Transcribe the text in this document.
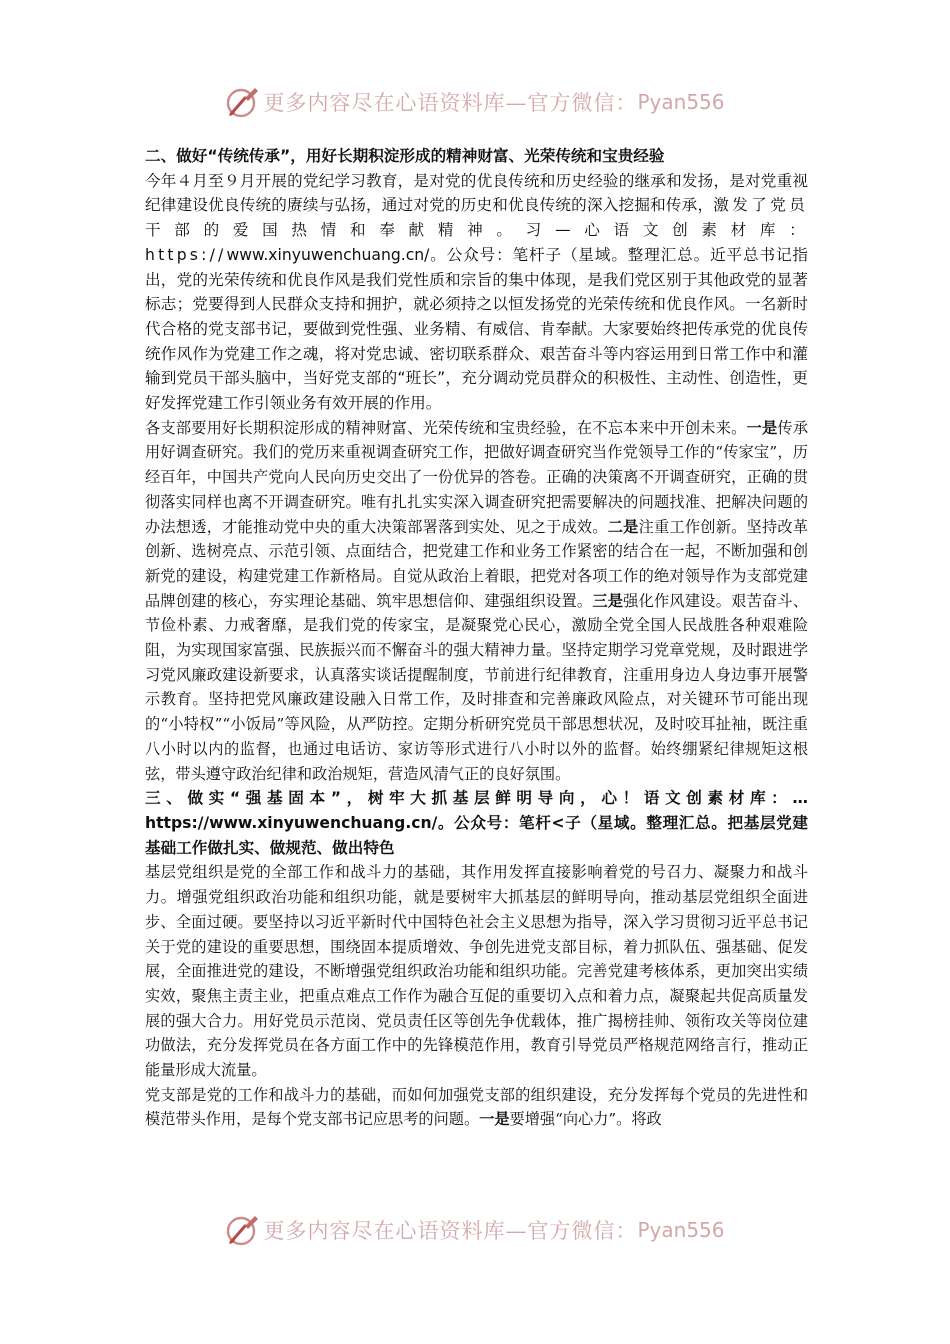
更多内容尽在心语资料库—官方微信： Pyan556

二、做好“传统传承”，用好长期积淀形成的精神财富、光荣传统和宝贵经验

今年４月至９月开展的党纪学习教育，是对党的优良传统和历史经验的继承和发扬，是对党重视纪律建设优良传统的赓续与弘扬，通过对党的历史和优良传统的深入挖掘和传承，激发了党员干部的爱国热情和奉献精神。习—心语文创素材库：https://www.xinyuwenchuang.cn/。公众号：笔杆子（星域。整理汇总。近平总书记指出，党的光荣传统和优良作风是我们党性质和宗旨的集中体现，是我们党区别于其他政党的显著标志；党要得到人民群众支持和拥护，就必须持之以恒发扬党的光荣传统和优良作风。一名新时代合格的党支部书记，要做到党性强、业务精、有威信、肯奉献。大家要始终把传承党的优良传统作风作为党建工作之魂，将对党忠诚、密切联系群众、艰苦奋斗等内容运用到日常工作中和灌输到党员干部头脑中，当好党支部的“班长”，充分调动党员群众的积极性、主动性、创造性，更好发挥党建工作引领业务有效开展的作用。

各支部要用好长期积淀形成的精神财富、光荣传统和宝贵经验，在不忘本来中开创未来。一是传承用好调查研究。我们的党历来重视调查研究工作，把做好调查研究当作党领导工作的“传家宝”，历经百年，中国共产党向人民向历史交出了一份优异的答卷。正确的决策离不开调查研究，正确的贯彻落实同样也离不开调查研究。唯有扎扎实实深入调查研究把需要解决的问题找准、把解决问题的办法想透，才能推动党中央的重大决策部署落到实处、见之于成效。二是注重工作创新。坚持改革创新、选树亮点、示范引领、点面结合，把党建工作和业务工作紧密的结合在一起，不断加强和创新党的建设，构建党建工作新格局。自觉从政治上着眼，把党对各项工作的绝对领导作为支部党建品牌创建的核心，夯实理论基础、筑牢思想信仰、建强组织设置。三是强化作风建设。艰苦奋斗、节俭朴素、力戒奢靡，是我们党的传家宝，是凝聚党心民心，激励全党全国人民战胜各种艰难险阻，为实现国家富强、民族振兴而不懈奋斗的强大精神力量。坚持定期学习党章党规，及时跟进学习党风廉政建设新要求，认真落实谈话提醒制度，节前进行纪律教育，注重用身边人身边事开展警示教育。坚持把党风廉政建设融入日常工作，及时排查和完善廉政风险点，对关键环节可能出现的“小特权”“小饭局”等风险，从严防控。定期分析研究党员干部思想状况，及时咬耳扯袖，既注重八小时以内的监督，也通过电话访、家访等形式进行八小时以外的监督。始终绷紧纪律规矩这根弦，带头遵守政治纪律和政治规矩，营造风清气正的良好氛围。

三、做实“强基固本”，树牢大抓基层鲜明导向，心！语文创素材库：…https://www.xinyuwenchuang.cn/。公众号：笔杆<子（星域。整理汇总。把基层党建基础工作做扎实、做规范、做出特色

基层党组织是党的全部工作和战斗力的基础，其作用发挥直接影响着党的号召力、凝聚力和战斗力。增强党组织政治功能和组织功能，就是要树牢大抓基层的鲜明导向，推动基层党组织全面进步、全面过硬。要坚持以习近平新时代中国特色社会主义思想为指导，深入学习贯彻习近平总书记关于党的建设的重要思想，围绕固本提质增效、争创先进党支部目标，着力抓队伍、强基础、促发展，全面推进党的建设，不断增强党组织政治功能和组织功能。完善党建考核体系，更加突出实绩实效，聚焦主责主业，把重点难点工作作为融合互促的重要切入点和着力点，凝聚起共促高质量发展的强大合力。用好党员示范岗、党员责任区等创先争优载体，推广揭榜挂帅、领衔攻关等岗位建功做法，充分发挥党员在各方面工作中的先锋模范作用，教育引导党员严格规范网络言行，推动正能量形成大流量。

党支部是党的工作和战斗力的基础，而如何加强党支部的组织建设，充分发挥每个党员的先进性和模范带头作用，是每个党支部书记应思考的问题。一是要增强“向心力”。将政

更多内容尽在心语资料库—官方微信： Pyan556
